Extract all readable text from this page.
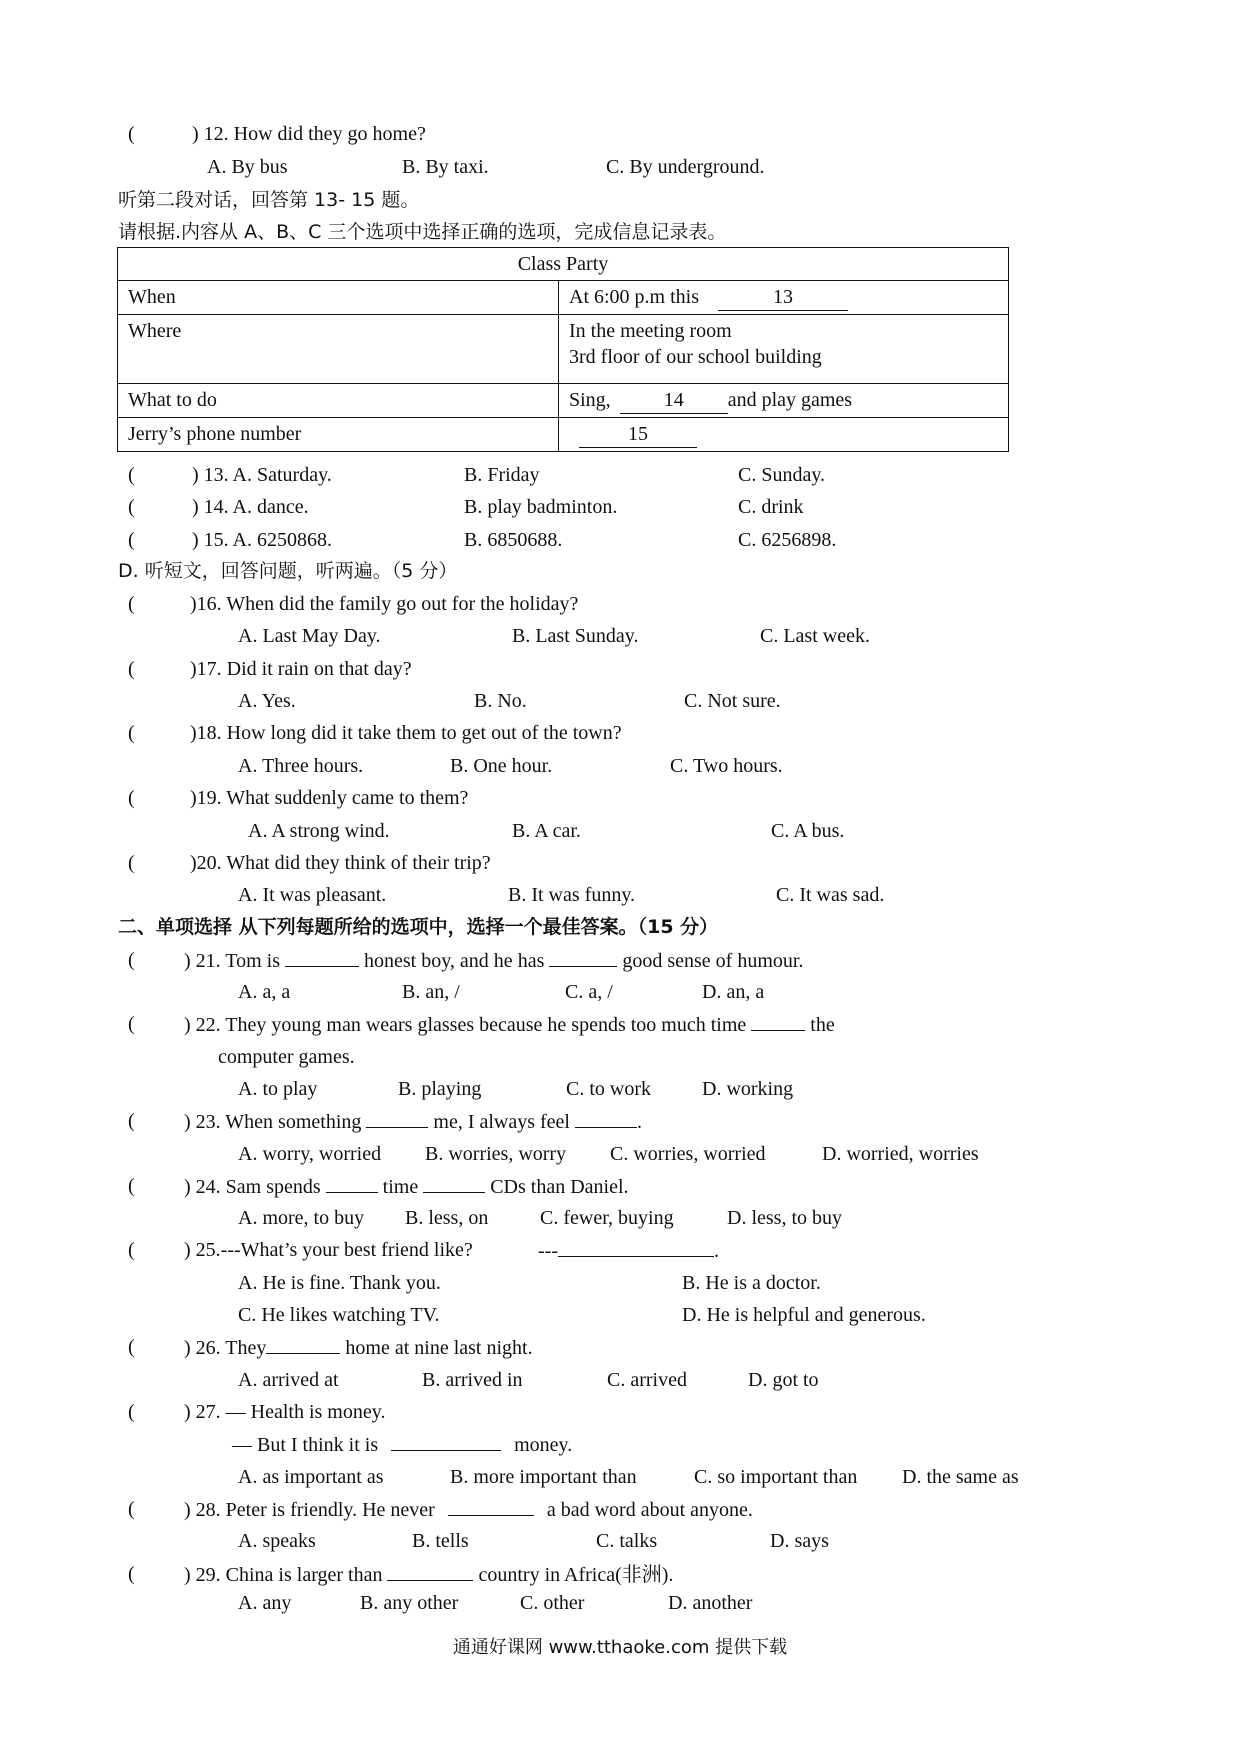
(	) 12. How did they go home?
A. By bus	B. By taxi.	C. By underground.
听第二段对话，回答第 13- 15 题。
请根据.内容从 A、B、C 三个选项中选择正确的选项，完成信息记录表。
Class Party	
When	At 6:00 p.m this 13
Where	In the meeting room
3rd floor of our school building

What to do	Sing, 14 and play games
Jerry’s phone number	15
(	) 13. A. Saturday.	B. Friday	C. Sunday.
(	) 14. A. dance.	B. play badminton.	C. drink
(	) 15. A. 6250868.	B. 6850688.	C. 6256898.
D. 听短文，回答问题，听两遍。（5 分）
(	)16. When did the family go out for the holiday?
A. Last May Day.	B. Last Sunday.	C. Last week.
(	)17. Did it rain on that day?
A. Yes.	B. No.	C. Not sure.
(	)18. How long did it take them to get out of the town?
A. Three hours.	B. One hour.	C. Two hours.
(	)19. What suddenly came to them?
A. A strong wind.	B. A car.	C. A bus.
(	)20. What did they think of their trip?
A. It was pleasant.	B. It was funny.	C. It was sad.
二、单项选择 从下列每题所给的选项中，选择一个最佳答案。（15 分）
( ) 21. Tom is	honest boy, and he has	good sense of humour.
A. a, a	B. an, /	C. a, /	D. an, a
( ) 22. They young man wears glasses because he spends too much time	the
computer games.
A. to play	B. playing	C. to work	D. working
( ) 23. When something	me, I always feel	.
A. worry, worried B. worries, worry C. worries, worried	D. worried, worries
( ) 24. Sam spends	time	CDs than Daniel.
A. more, to buy B. less, on	C. fewer, buying	D. less, to buy
( ) 25.---What’s your best friend like?	---	.
A. He is fine. Thank you.	B. He is a doctor.
C. He likes watching TV.	D. He is helpful and generous.
( ) 26. They	home at nine last night.
A. arrived at	B. arrived in	C. arrived	D. got to
( ) 27. — Health is money.
— But I think it is	money.
A. as important as	B. more important than	C. so important than D. the same as
( ) 28. Peter is friendly. He never	a bad word about anyone.
A. speaks	B. tells	C. talks	D. says
( ) 29. China is larger than	country in Africa(非洲).
A. any	B. any other	C. other	D. another
通通好课网 www.tthaoke.com 提供下载
